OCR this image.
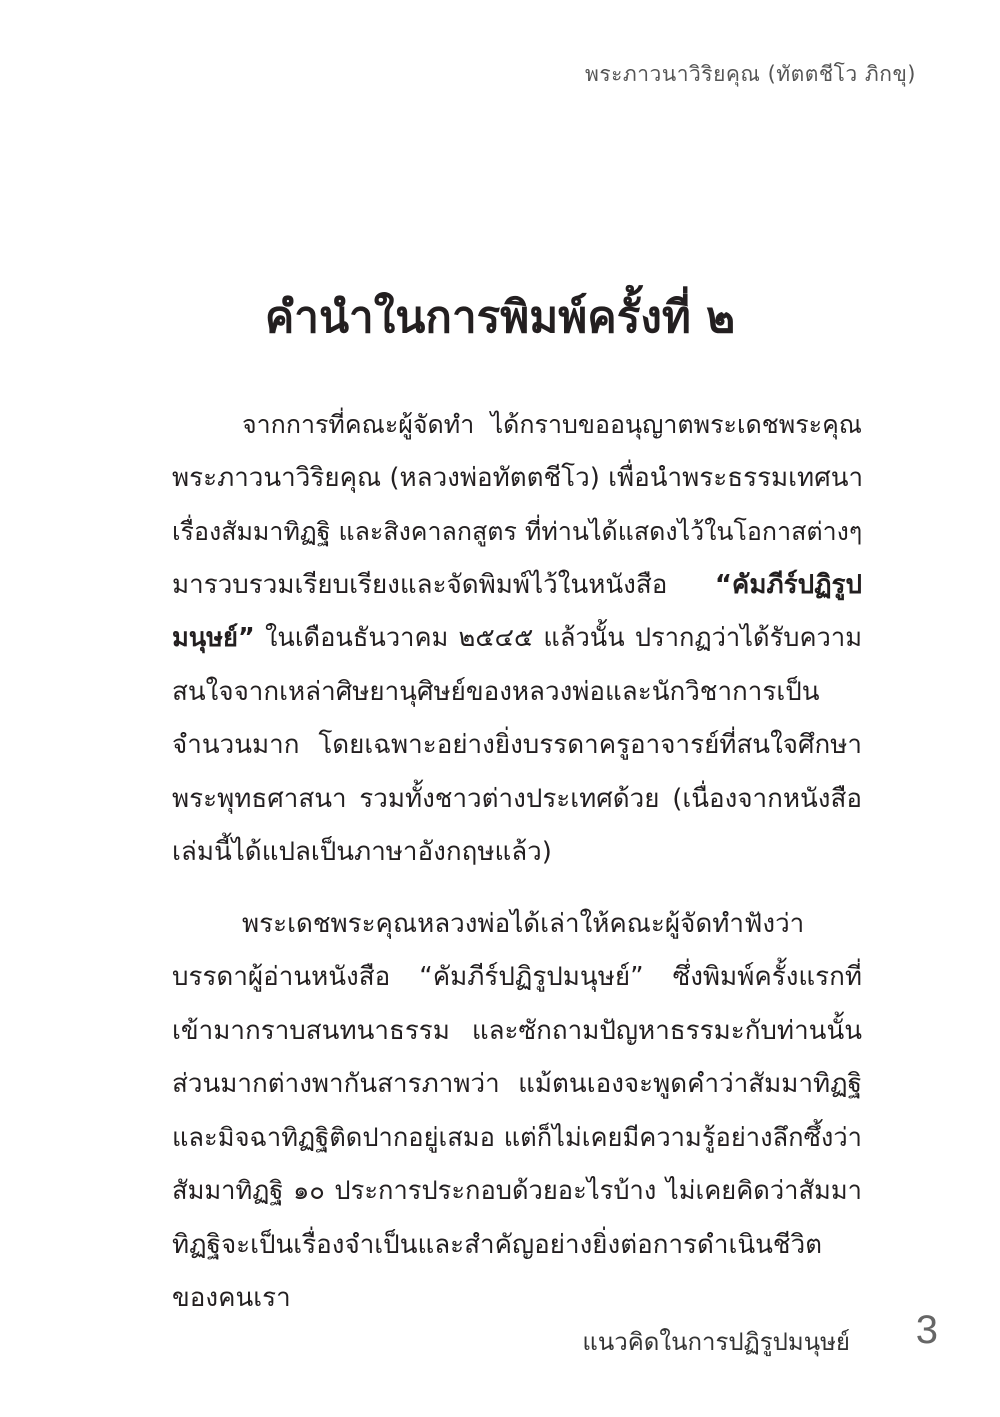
พระภาวนาวิริยคุณ (ทัตตชีโว ภิกขุ)
คำนำในการพิมพ์ครั้งที่ ๒

จากการที่คณะผู้จัดทำ ได้กราบขออนุญาตพระเดชพระคุณ
พระภาวนาวิริยคุณ (หลวงพ่อทัตตชีโว) เพื่อนำพระธรรมเทศนา
เรื่องสัมมาทิฏฐิ และสิงคาลกสูตร ที่ท่านได้แสดงไว้ในโอกาสต่างๆ
มารวบรวมเรียบเรียงและจัดพิมพ์ไว้ในหนังสือ “คัมภีร์ปฏิรูป
มนุษย์” ในเดือนธันวาคม ๒๕๔๕ แล้วนั้น ปรากฏว่าได้รับความ
สนใจจากเหล่าศิษยานุศิษย์ของหลวงพ่อและนักวิชาการเป็น
จำนวนมาก โดยเฉพาะอย่างยิ่งบรรดาครูอาจารย์ที่สนใจศึกษา
พระพุทธศาสนา รวมทั้งชาวต่างประเทศด้วย (เนื่องจากหนังสือ
เล่มนี้ได้แปลเป็นภาษาอังกฤษแล้ว)

พระเดชพระคุณหลวงพ่อได้เล่าให้คณะผู้จัดทำฟังว่า
บรรดาผู้อ่านหนังสือ “คัมภีร์ปฏิรูปมนุษย์” ซึ่งพิมพ์ครั้งแรกที่
เข้ามากราบสนทนาธรรม และซักถามปัญหาธรรมะกับท่านนั้น
ส่วนมากต่างพากันสารภาพว่า แม้ตนเองจะพูดคำว่าสัมมาทิฏฐิ
และมิจฉาทิฏฐิติดปากอยู่เสมอ แต่ก็ไม่เคยมีความรู้อย่างลึกซึ้งว่า
สัมมาทิฏฐิ ๑๐ ประการประกอบด้วยอะไรบ้าง ไม่เคยคิดว่าสัมมา
ทิฏฐิจะเป็นเรื่องจำเป็นและสำคัญอย่างยิ่งต่อการดำเนินชีวิต
ของคนเรา

แนวคิดในการปฏิรูปมนุษย์ 3
